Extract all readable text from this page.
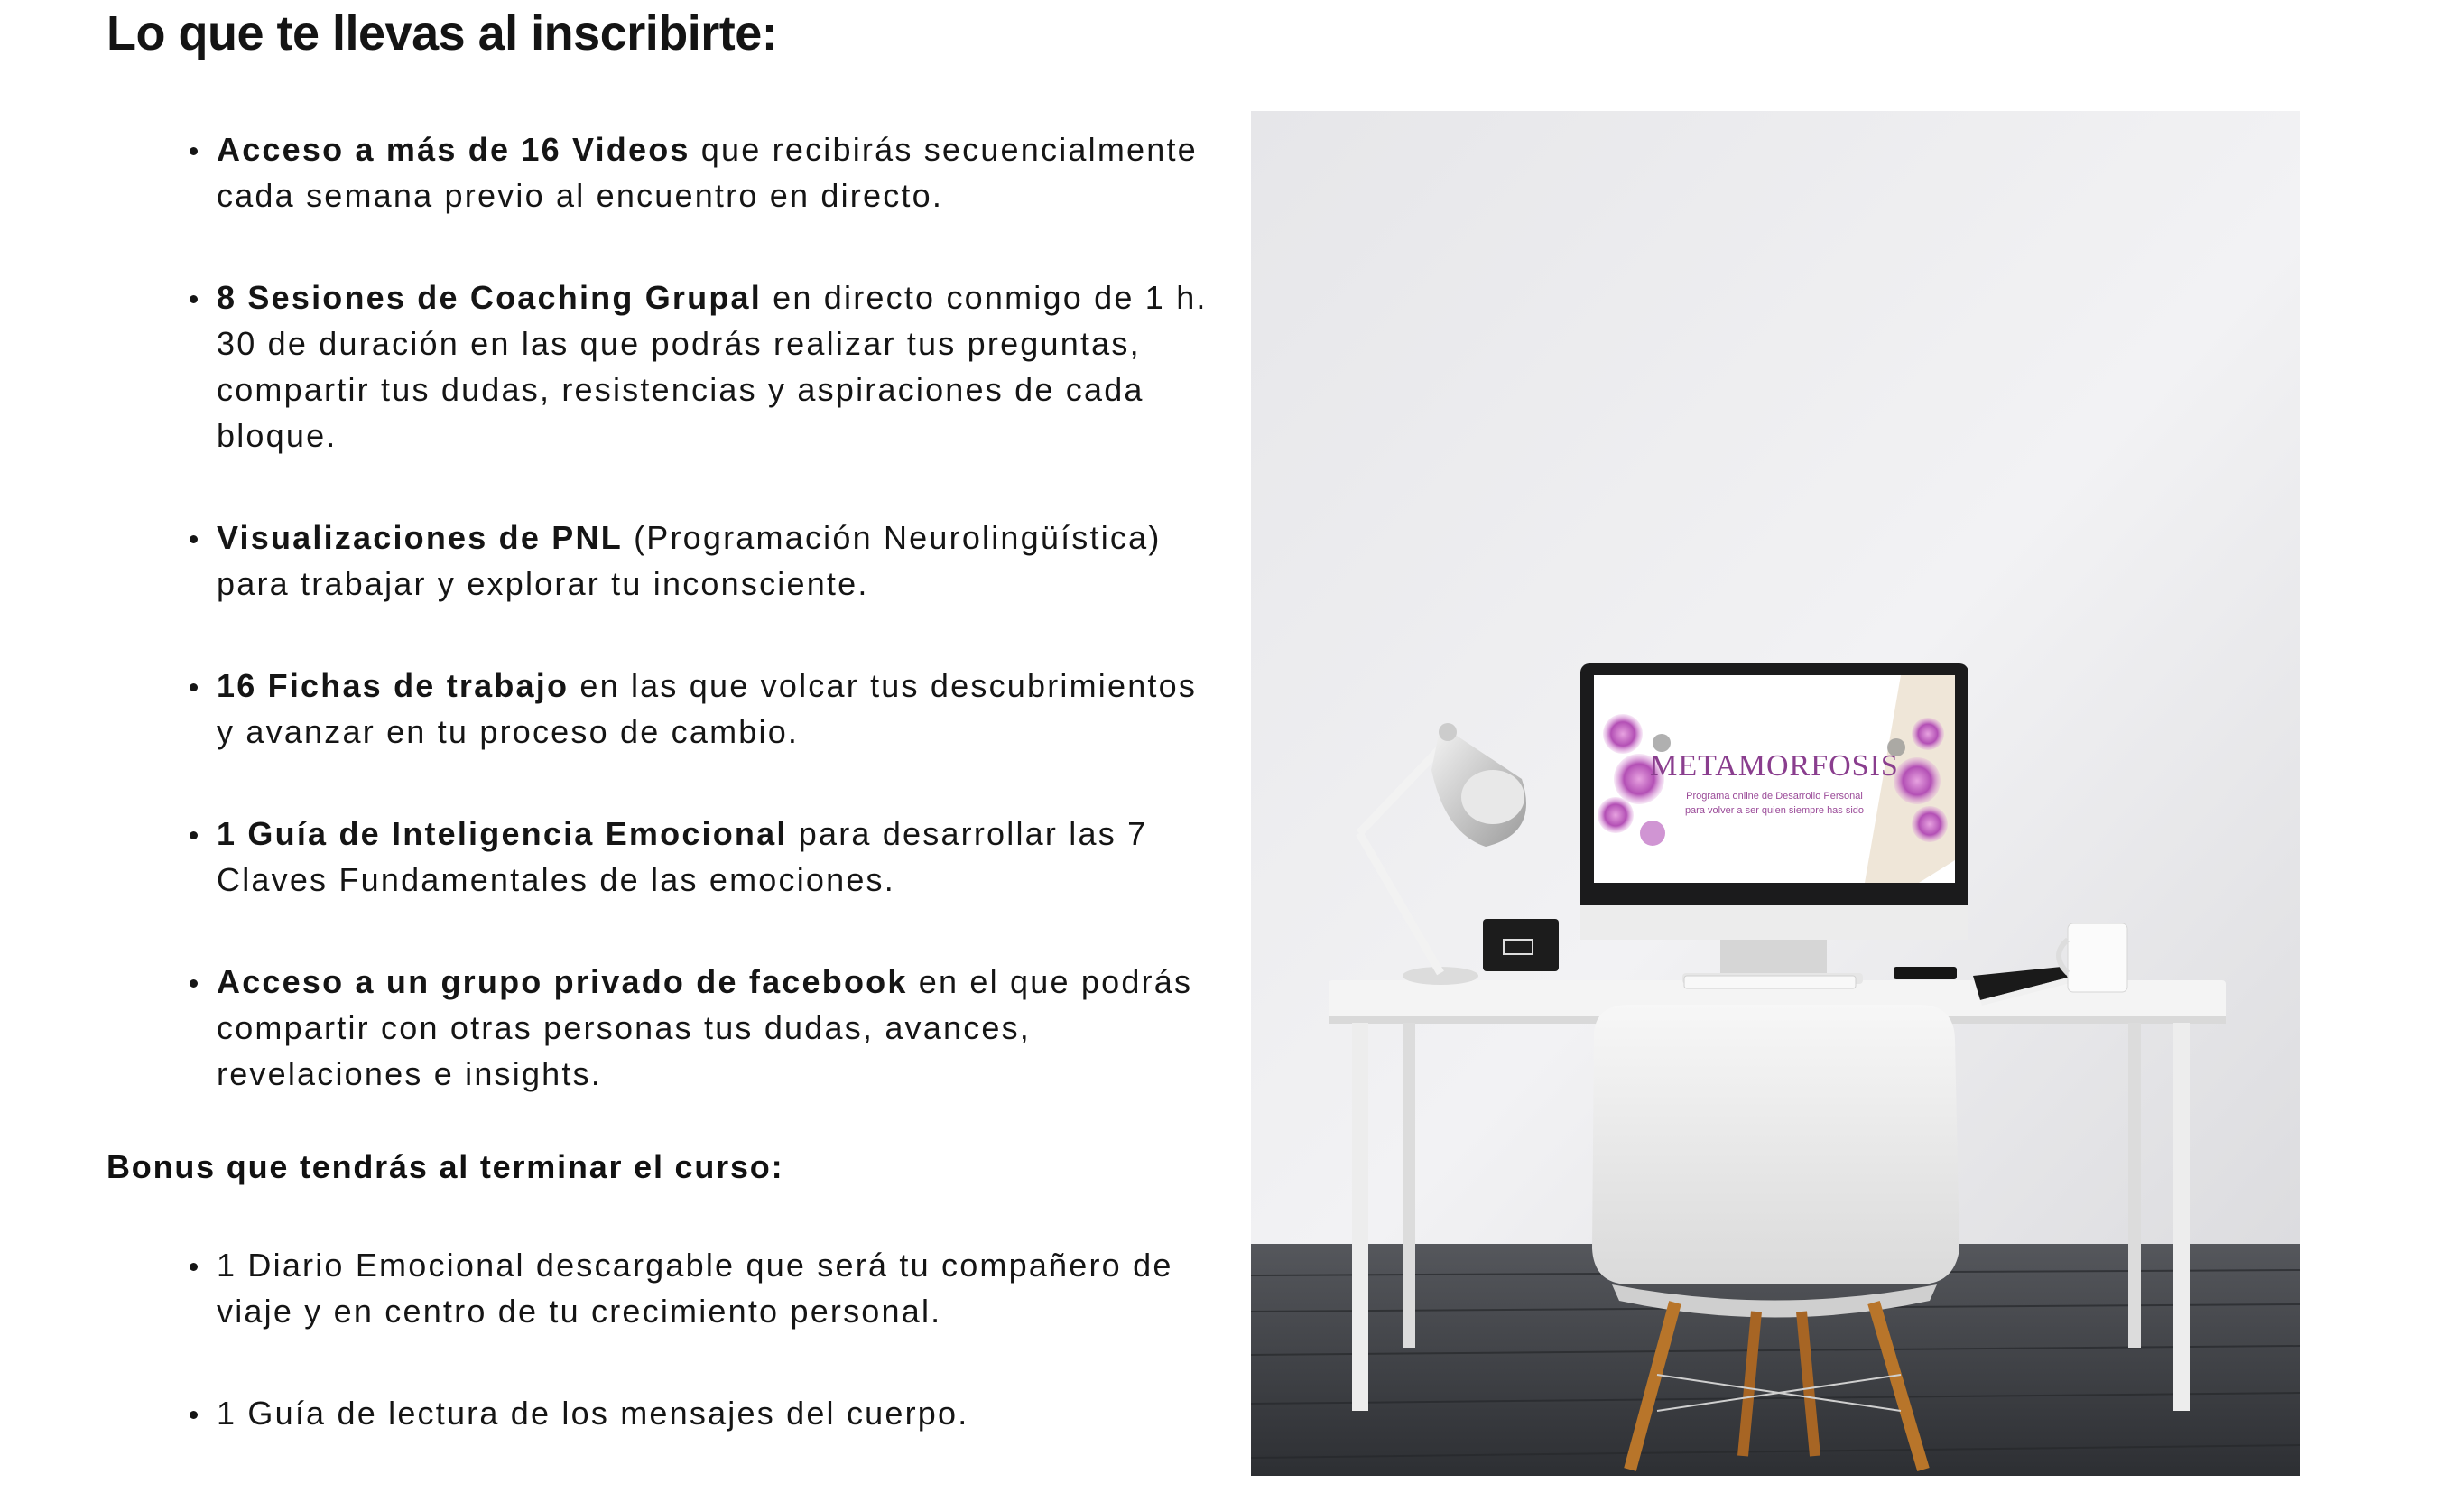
Lo que te llevas al inscribirte:
Acceso a más de 16 Videos que recibirás secuencialmente cada semana previo al encuentro en directo.
8 Sesiones de Coaching Grupal en directo conmigo de 1 h. 30 de duración en las que podrás realizar tus preguntas, compartir tus dudas, resistencias y aspiraciones de cada bloque.
Visualizaciones de PNL (Programación Neurolingüística) para trabajar y explorar tu inconsciente.
16 Fichas de trabajo en las que volcar tus descubrimientos y avanzar en tu proceso de cambio.
1 Guía de Inteligencia Emocional para desarrollar las 7 Claves Fundamentales de las emociones.
Acceso a un grupo privado de facebook en el que podrás compartir con otras personas tus dudas, avances, revelaciones e insights.
Bonus que tendrás al terminar el curso:
1 Diario Emocional descargable que será tu compañero de viaje y en centro de tu crecimiento personal.
1 Guía de lectura de los mensajes del cuerpo.
METAMORFOSIS
Programa online de Desarrollo Personal
para volver a ser quien siempre has sido
